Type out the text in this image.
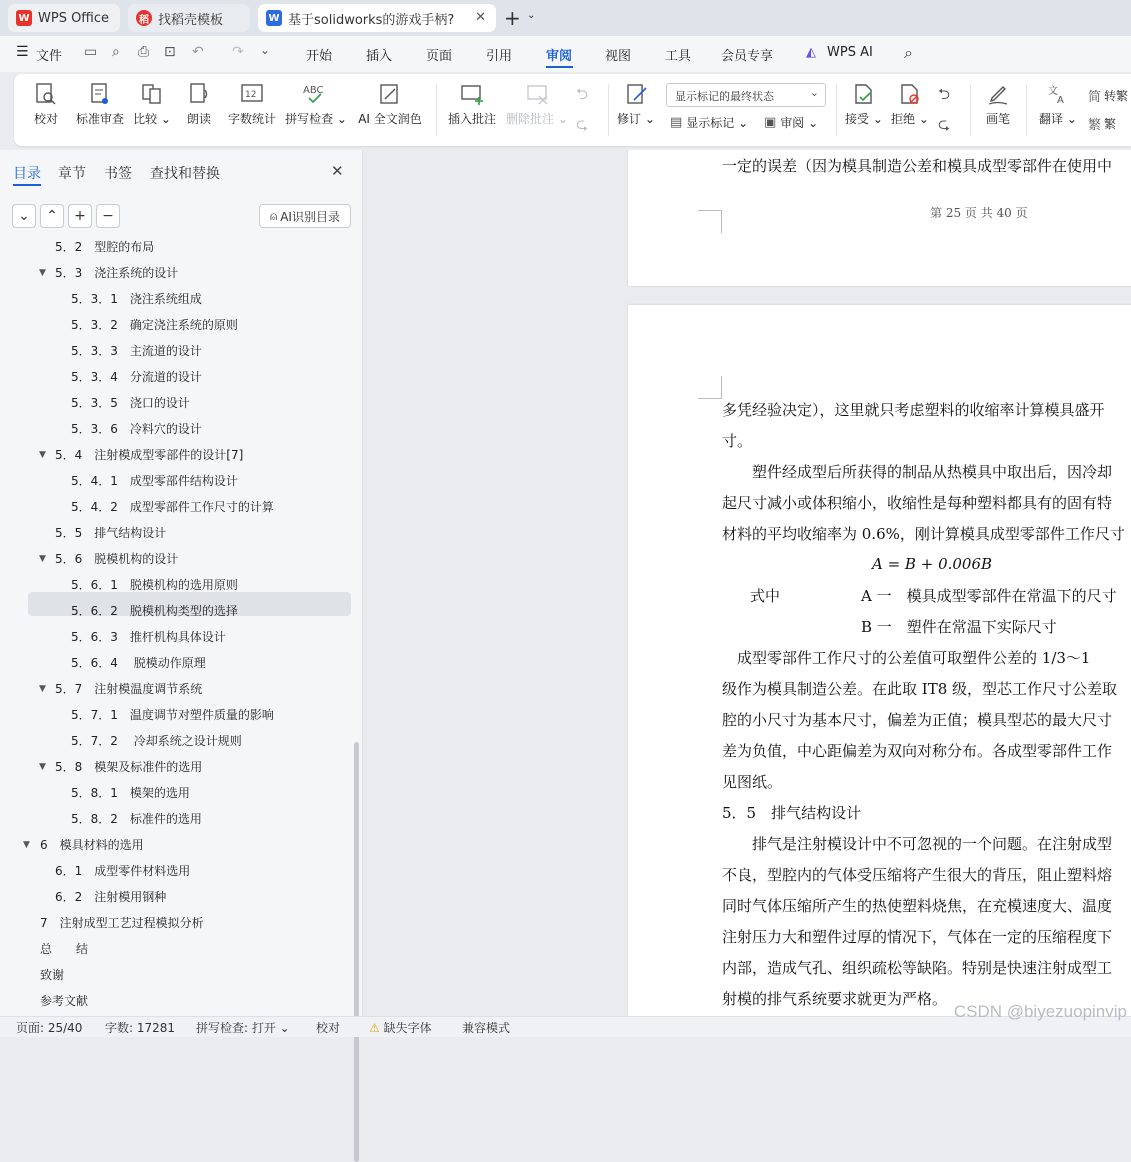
W WPS Office	稻 找稻壳模板	W 基于solidworks的游戏手柄? ✕ + ⌄
☰ 文件 ▭ ⌕ ⎙ ⊡ ↶ ↷ ⌄	开始	插入	页面	引用	审阅	视图	工具 会员专享	◭ WPS AI ⌕
校对 标准审查 比较 ⌄ 朗读
12
字数统计
ABC
拼写检查 ⌄ AI 全文润色 插入批注 删除批注 ⌄
⮌
⮎ 修订 ⌄
显示标记的最终状态	⌄
▤ 显示标记 ⌄ ▣ 审阅 ⌄ 接受 ⌄ 拒绝 ⌄
⮌
⮎	画笔
文
A
翻译 ⌄
简 转繁
繁 繁
目录 章节 书签 查找和替换	✕
⌄ ⌃ + −	⍝ AI识别目录
5．2　型腔的布局
▼ 5．3　浇注系统的设计
5．3．1　浇注系统组成
5．3．2　确定浇注系统的原则
5．3．3　主流道的设计
5．3．4　分流道的设计
5．3．5　浇口的设计
5．3．6　冷料穴的设计
▼ 5．4　注射模成型零部件的设计[7]
5．4．1　成型零部件结构设计
5．4．2　成型零部件工作尺寸的计算
5．5　排气结构设计
▼ 5．6　脱模机构的设计
5．6．1　脱模机构的选用原则
5．6．2　脱模机构类型的选择
5．6．3　推杆机构具体设计
5．6．4　 脱模动作原理
▼ 5．7　注射模温度调节系统
5．7．1　温度调节对塑件质量的影响
5．7．2　 冷却系统之设计规则
▼ 5．8　模架及标准件的选用
5．8．1　模架的选用
5．8．2　标准件的选用
▼ 6　模具材料的选用
6．1　成型零件材料选用
6．2　注射模用钢种
7　注射成型工艺过程模拟分析
总　　结
致谢
参考文献
一定的误差（因为模具制造公差和模具成型零部件在使用中
第 25 页 共 40 页
多凭经验决定），这里就只考虑塑料的收缩率计算模具盛开
寸。
　　塑件经成型后所获得的制品从热模具中取出后，因冷却
起尺寸减小或体积缩小，收缩性是每种塑料都具有的固有特
材料的平均收缩率为 0.6%，刚计算模具成型零部件工作尺寸
A = B + 0.006B
式中	A 一　模具成型零部件在常温下的尺寸
B 一　塑件在常温下实际尺寸
　成型零部件工作尺寸的公差值可取塑件公差的 1/3～1
级作为模具制造公差。在此取 IT8 级，型芯工作尺寸公差取
腔的小尺寸为基本尺寸，偏差为正值；模具型芯的最大尺寸
差为负值，中心距偏差为双向对称分布。各成型零部件工作
见图纸。
5．5　排气结构设计
　　排气是注射模设计中不可忽视的一个问题。在注射成型
不良，型腔内的气体受压缩将产生很大的背压，阻止塑料熔
同时气体压缩所产生的热使塑料烧焦，在充模速度大、温度
注射压力大和塑件过厚的情况下，气体在一定的压缩程度下
内部，造成气孔、组织疏松等缺陷。特别是快速注射成型工
射模的排气系统要求就更为严格。
页面: 25/40 字数: 17281 拼写检查: 打开 ⌄ 校对 ⚠ 缺失字体	兼容模式
CSDN @biyezuopinvip
